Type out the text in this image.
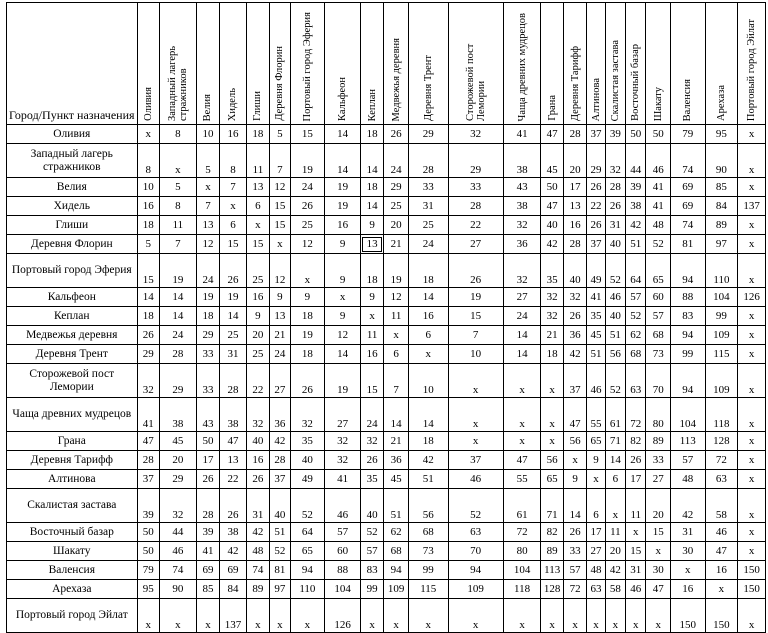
Город/Пункт назначения	Оливия	Западный лагерь стражников	Велия	Хидель	Глиши	Деревня Флорин	Портовый город Эферия	Кальфеон	Кеплан	Медвежья деревня	Деревня Трент	Сторожевой пост Лемории	Чаща древних мудрецов	Грана	Деревня Тарифф	Алтинова	Скалистая застава	Восточный базар	Шакату	Валенсия	Арехаза	Портовый город Эйлат
Оливия	x	8	10	16	18	5	15	14	18	26	29	32	41	47	28	37	39	50	50	79	95	x
Западный лагерь стражников	8	x	5	8	11	7	19	14	14	24	28	29	38	45	20	29	32	44	46	74	90	x
Велия	10	5	x	7	13	12	24	19	18	29	33	33	43	50	17	26	28	39	41	69	85	x
Хидель	16	8	7	x	6	15	26	19	14	25	31	28	38	47	13	22	26	38	41	69	84	137
Глиши	18	11	13	6	x	15	25	16	9	20	25	22	32	40	16	26	31	42	48	74	89	x
Деревня Флорин	5	7	12	15	15	x	12	9	13	21	24	27	36	42	28	37	40	51	52	81	97	x
Портовый город Эферия	15	19	24	26	25	12	x	9	18	19	18	26	32	35	40	49	52	64	65	94	110	x
Кальфеон	14	14	19	19	16	9	9	x	9	12	14	19	27	32	32	41	46	57	60	88	104	126
Кеплан	18	14	18	14	9	13	18	9	x	11	16	15	24	32	26	35	40	52	57	83	99	x
Медвежья деревня	26	24	29	25	20	21	19	12	11	x	6	7	14	21	36	45	51	62	68	94	109	x
Деревня Трент	29	28	33	31	25	24	18	14	16	6	x	10	14	18	42	51	56	68	73	99	115	x
Сторожевой пост Лемории	32	29	33	28	22	27	26	19	15	7	10	x	x	x	37	46	52	63	70	94	109	x
Чаща древних мудрецов	41	38	43	38	32	36	32	27	24	14	14	x	x	x	47	55	61	72	80	104	118	x
Грана	47	45	50	47	40	42	35	32	32	21	18	x	x	x	56	65	71	82	89	113	128	x
Деревня Тарифф	28	20	17	13	16	28	40	32	26	36	42	37	47	56	x	9	14	26	33	57	72	x
Алтинова	37	29	26	22	26	37	49	41	35	45	51	46	55	65	9	x	6	17	27	48	63	x
Скалистая застава	39	32	28	26	31	40	52	46	40	51	56	52	61	71	14	6	x	11	20	42	58	x
Восточный базар	50	44	39	38	42	51	64	57	52	62	68	63	72	82	26	17	11	x	15	31	46	x
Шакату	50	46	41	42	48	52	65	60	57	68	73	70	80	89	33	27	20	15	x	30	47	x
Валенсия	79	74	69	69	74	81	94	88	83	94	99	94	104	113	57	48	42	31	30	x	16	150
Арехаза	95	90	85	84	89	97	110	104	99	109	115	109	118	128	72	63	58	46	47	16	x	150
Портовый город Эйлат	x	x	x	137	x	x	x	126	x	x	x	x	x	x	x	x	x	x	x	150	150	x
